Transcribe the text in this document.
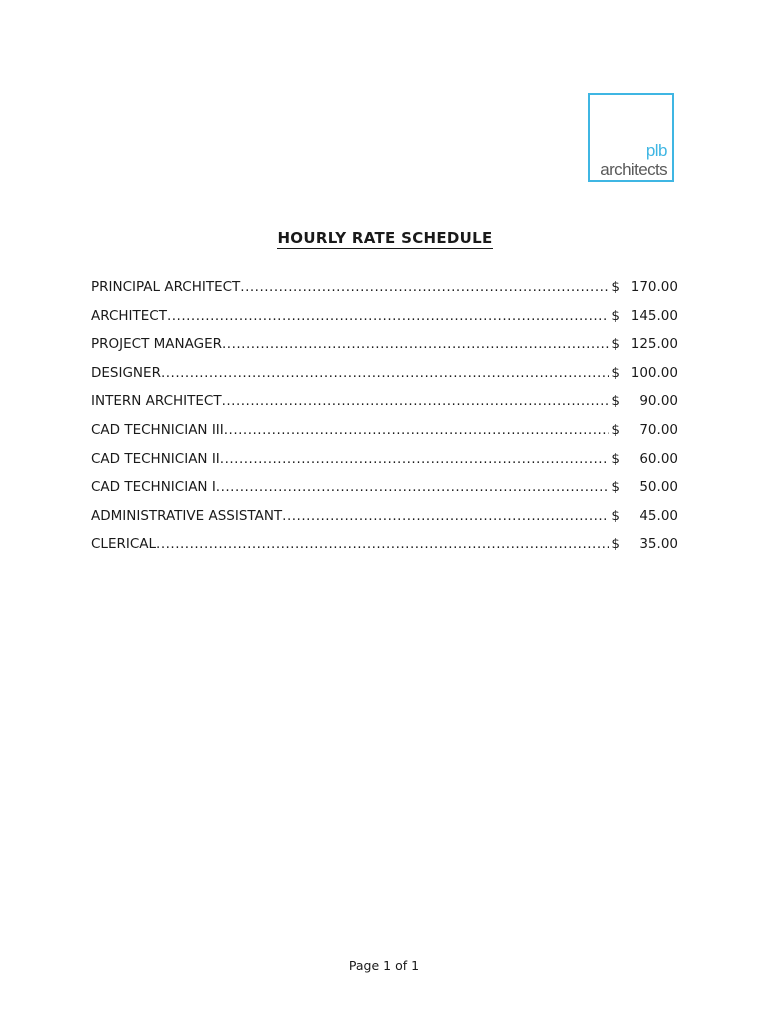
plb
architects
HOURLY RATE SCHEDULE
PRINCIPAL ARCHITECT .....	$ 170.00
ARCHITECT .....	$ 145.00
PROJECT MANAGER .....	$ 125.00
DESIGNER .....	$ 100.00
INTERN ARCHITECT .....	$	90.00
CAD TECHNICIAN III .....	$	70.00
CAD TECHNICIAN II .....	$	60.00
CAD TECHNICIAN I .....	$	50.00
ADMINISTRATIVE ASSISTANT .....	$	45.00
CLERICAL .....	$	35.00
Page 1 of 1
